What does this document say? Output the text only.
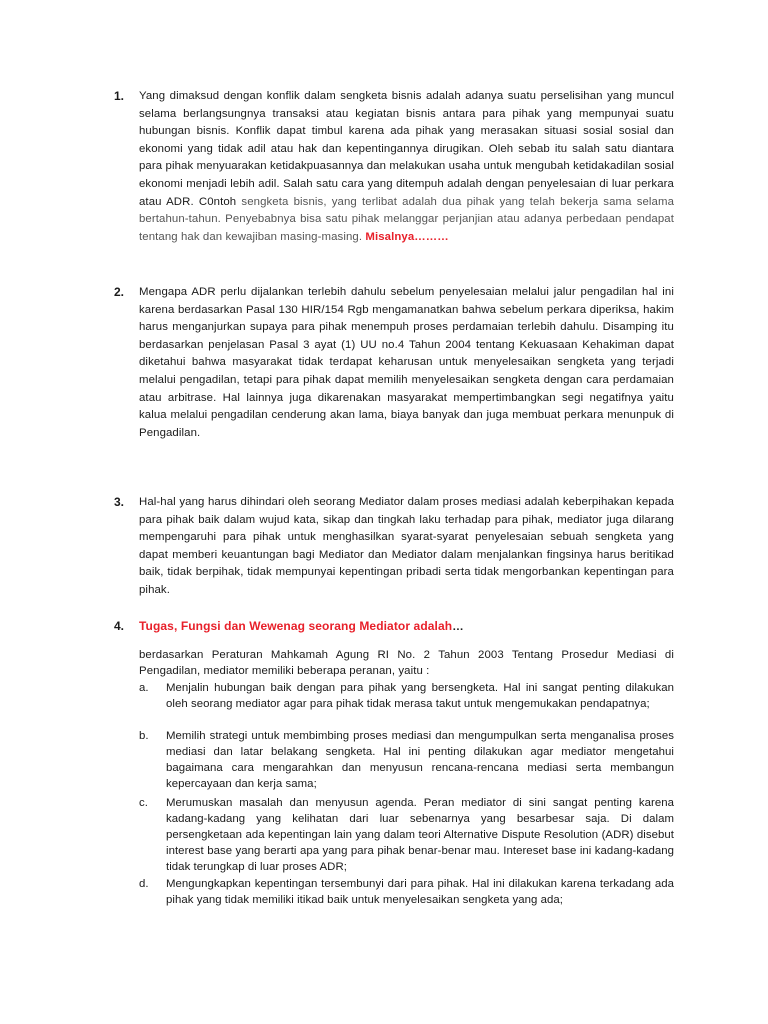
1. Yang dimaksud dengan konflik dalam sengketa bisnis adalah adanya suatu perselisihan yang muncul selama berlangsungnya transaksi atau kegiatan bisnis antara para pihak yang mempunyai suatu hubungan bisnis. Konflik dapat timbul karena ada pihak yang merasakan situasi sosial sosial dan ekonomi yang tidak adil atau hak dan kepentingannya dirugikan. Oleh sebab itu salah satu diantara para pihak menyuarakan ketidakpuasannya dan melakukan usaha untuk mengubah ketidakadilan sosial ekonomi menjadi lebih adil. Salah satu cara yang ditempuh adalah dengan penyelesaian di luar perkara atau ADR. C0ntoh sengketa bisnis, yang terlibat adalah dua pihak yang telah bekerja sama selama bertahun-tahun. Penyebabnya bisa satu pihak melanggar perjanjian atau adanya perbedaan pendapat tentang hak dan kewajiban masing-masing. Misalnya………
2. Mengapa ADR perlu dijalankan terlebih dahulu sebelum penyelesaian melalui jalur pengadilan hal ini karena berdasarkan Pasal 130 HIR/154 Rgb mengamanatkan bahwa sebelum perkara diperiksa, hakim harus menganjurkan supaya para pihak menempuh proses perdamaian terlebih dahulu. Disamping itu berdasarkan penjelasan Pasal 3 ayat (1) UU no.4 Tahun 2004 tentang Kekuasaan Kehakiman dapat diketahui bahwa masyarakat tidak terdapat keharusan untuk menyelesaikan sengketa yang terjadi melalui pengadilan, tetapi para pihak dapat memilih menyelesaikan sengketa dengan cara perdamaian atau arbitrase. Hal lainnya juga dikarenakan masyarakat mempertimbangkan segi negatifnya yaitu kalua melalui pengadilan cenderung akan lama, biaya banyak dan juga membuat perkara menunpuk di Pengadilan.
3. Hal-hal yang harus dihindari oleh seorang Mediator dalam proses mediasi adalah keberpihakan kepada para pihak baik dalam wujud kata, sikap dan tingkah laku terhadap para pihak, mediator juga dilarang mempengaruhi para pihak untuk menghasilkan syarat-syarat penyelesaian sebuah sengketa yang dapat memberi keuantungan bagi Mediator dan Mediator dalam menjalankan fingsinya harus beritikad baik, tidak berpihak, tidak mempunyai kepentingan pribadi serta tidak mengorbankan kepentingan para pihak.
4. Tugas, Fungsi dan Wewenag seorang Mediator adalah…
berdasarkan Peraturan Mahkamah Agung RI No. 2 Tahun 2003 Tentang Prosedur Mediasi di Pengadilan, mediator memiliki beberapa peranan, yaitu :
a. Menjalin hubungan baik dengan para pihak yang bersengketa. Hal ini sangat penting dilakukan oleh seorang mediator agar para pihak tidak merasa takut untuk mengemukakan pendapatnya;
b. Memilih strategi untuk membimbing proses mediasi dan mengumpulkan serta menganalisa proses mediasi dan latar belakang sengketa. Hal ini penting dilakukan agar mediator mengetahui bagaimana cara mengarahkan dan menyusun rencana-rencana mediasi serta membangun kepercayaan dan kerja sama;
c. Merumuskan masalah dan menyusun agenda. Peran mediator di sini sangat penting karena kadang-kadang yang kelihatan dari luar sebenarnya yang besarbesar saja. Di dalam persengketaan ada kepentingan lain yang dalam teori Alternative Dispute Resolution (ADR) disebut interest base yang berarti apa yang para pihak benar-benar mau. Intereset base ini kadang-kadang tidak terungkap di luar proses ADR;
d. Mengungkapkan kepentingan tersembunyi dari para pihak. Hal ini dilakukan karena terkadang ada pihak yang tidak memiliki itikad baik untuk menyelesaikan sengketa yang ada;
